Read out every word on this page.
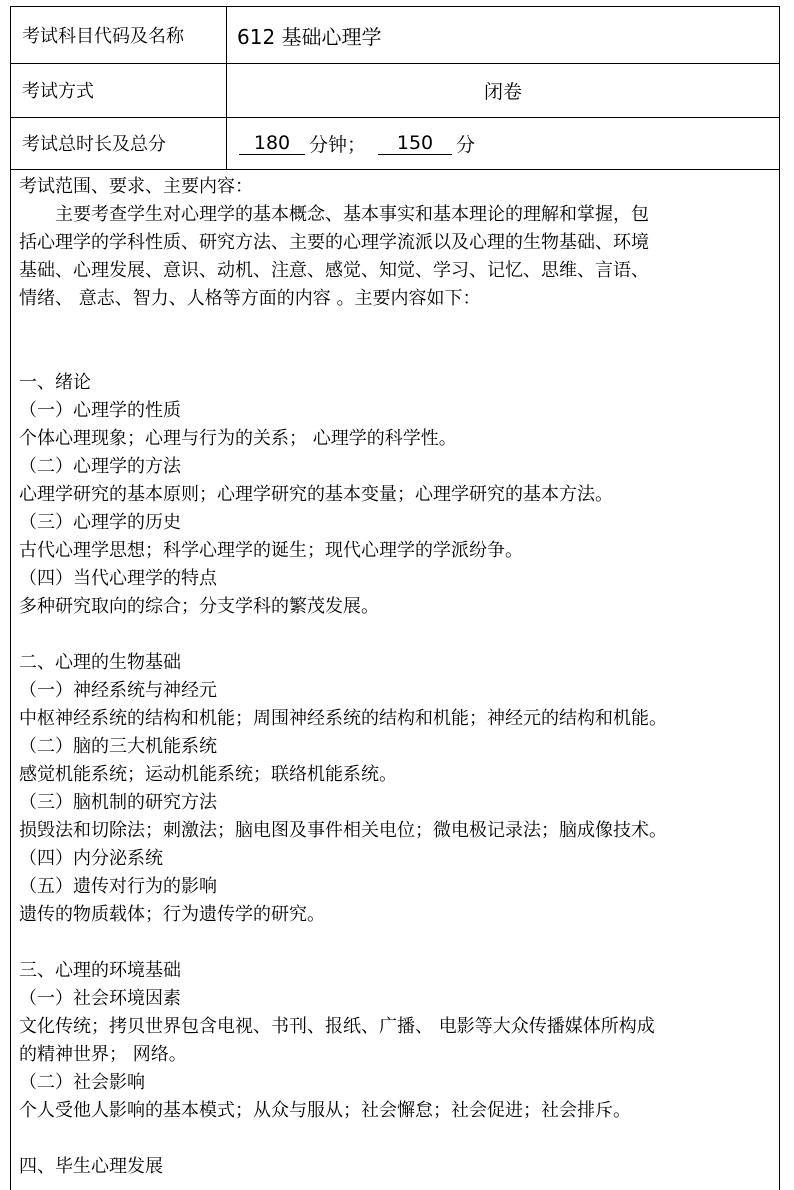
考试科目代码及名称	612 基础心理学
考试方式	闭卷
考试总时长及总分	180 分钟；	150	分
考试范围、要求、主要内容：
　　主要考查学生对心理学的基本概念、基本事实和基本理论的理解和掌握，包
括心理学的学科性质、研究方法、主要的心理学流派以及心理的生物基础、环境
基础、心理发展、意识、动机、注意、感觉、知觉、学习、记忆、思维、言语、
情绪、 意志、智力、人格等方面的内容 。主要内容如下：
一、绪论
（一）心理学的性质
个体心理现象；心理与行为的关系； 心理学的科学性。
（二）心理学的方法
心理学研究的基本原则；心理学研究的基本变量；心理学研究的基本方法。
（三）心理学的历史
古代心理学思想；科学心理学的诞生；现代心理学的学派纷争。
（四）当代心理学的特点
多种研究取向的综合；分支学科的繁茂发展。
二、心理的生物基础
（一）神经系统与神经元
中枢神经系统的结构和机能；周围神经系统的结构和机能；神经元的结构和机能。
（二）脑的三大机能系统
感觉机能系统；运动机能系统；联络机能系统。
（三）脑机制的研究方法
损毁法和切除法；刺激法；脑电图及事件相关电位；微电极记录法；脑成像技术。
（四）内分泌系统
（五）遗传对行为的影响
遗传的物质载体；行为遗传学的研究。
三、心理的环境基础
（一）社会环境因素
文化传统；拷贝世界包含电视、书刊、报纸、广播、 电影等大众传播媒体所构成
的精神世界； 网络。
（二）社会影响
个人受他人影响的基本模式；从众与服从；社会懈怠；社会促进；社会排斥。
四、毕生心理发展
